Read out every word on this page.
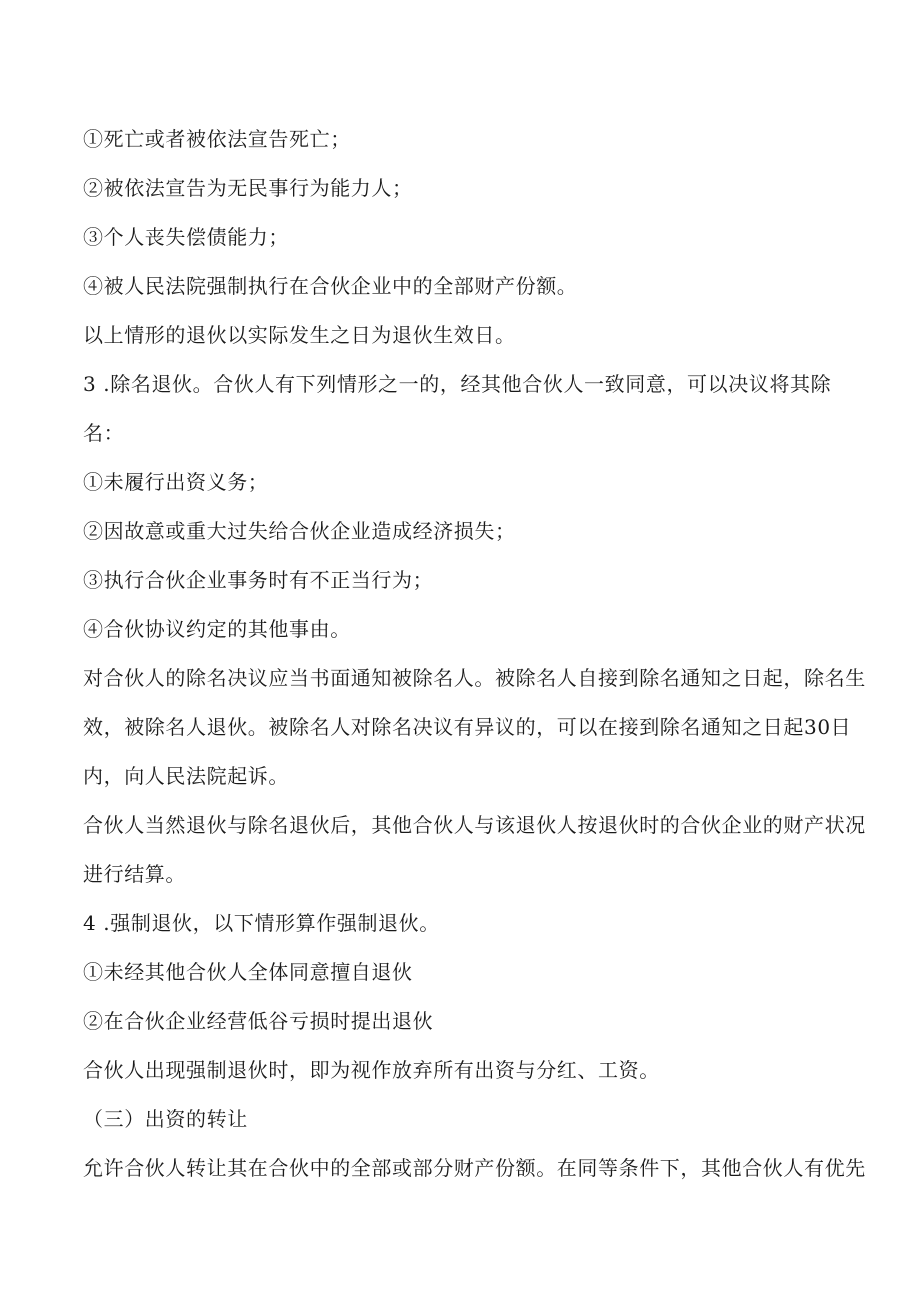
①死亡或者被依法宣告死亡；
②被依法宣告为无民事行为能力人；
③个人丧失偿债能力；
④被人民法院强制执行在合伙企业中的全部财产份额。
以上情形的退伙以实际发生之日为退伙生效日。
3 .除名退伙。合伙人有下列情形之一的，经其他合伙人一致同意，可以决议将其除
名：
①未履行出资义务；
②因故意或重大过失给合伙企业造成经济损失；
③执行合伙企业事务时有不正当行为；
④合伙协议约定的其他事由。
对合伙人的除名决议应当书面通知被除名人。被除名人自接到除名通知之日起，除名生
效，被除名人退伙。被除名人对除名决议有异议的，可以在接到除名通知之日起30日
内，向人民法院起诉。
合伙人当然退伙与除名退伙后，其他合伙人与该退伙人按退伙时的合伙企业的财产状况
进行结算。
4 .强制退伙，以下情形算作强制退伙。
①未经其他合伙人全体同意擅自退伙
②在合伙企业经营低谷亏损时提出退伙
合伙人出现强制退伙时，即为视作放弃所有出资与分红、工资。
（三）出资的转让
允许合伙人转让其在合伙中的全部或部分财产份额。在同等条件下，其他合伙人有优先
